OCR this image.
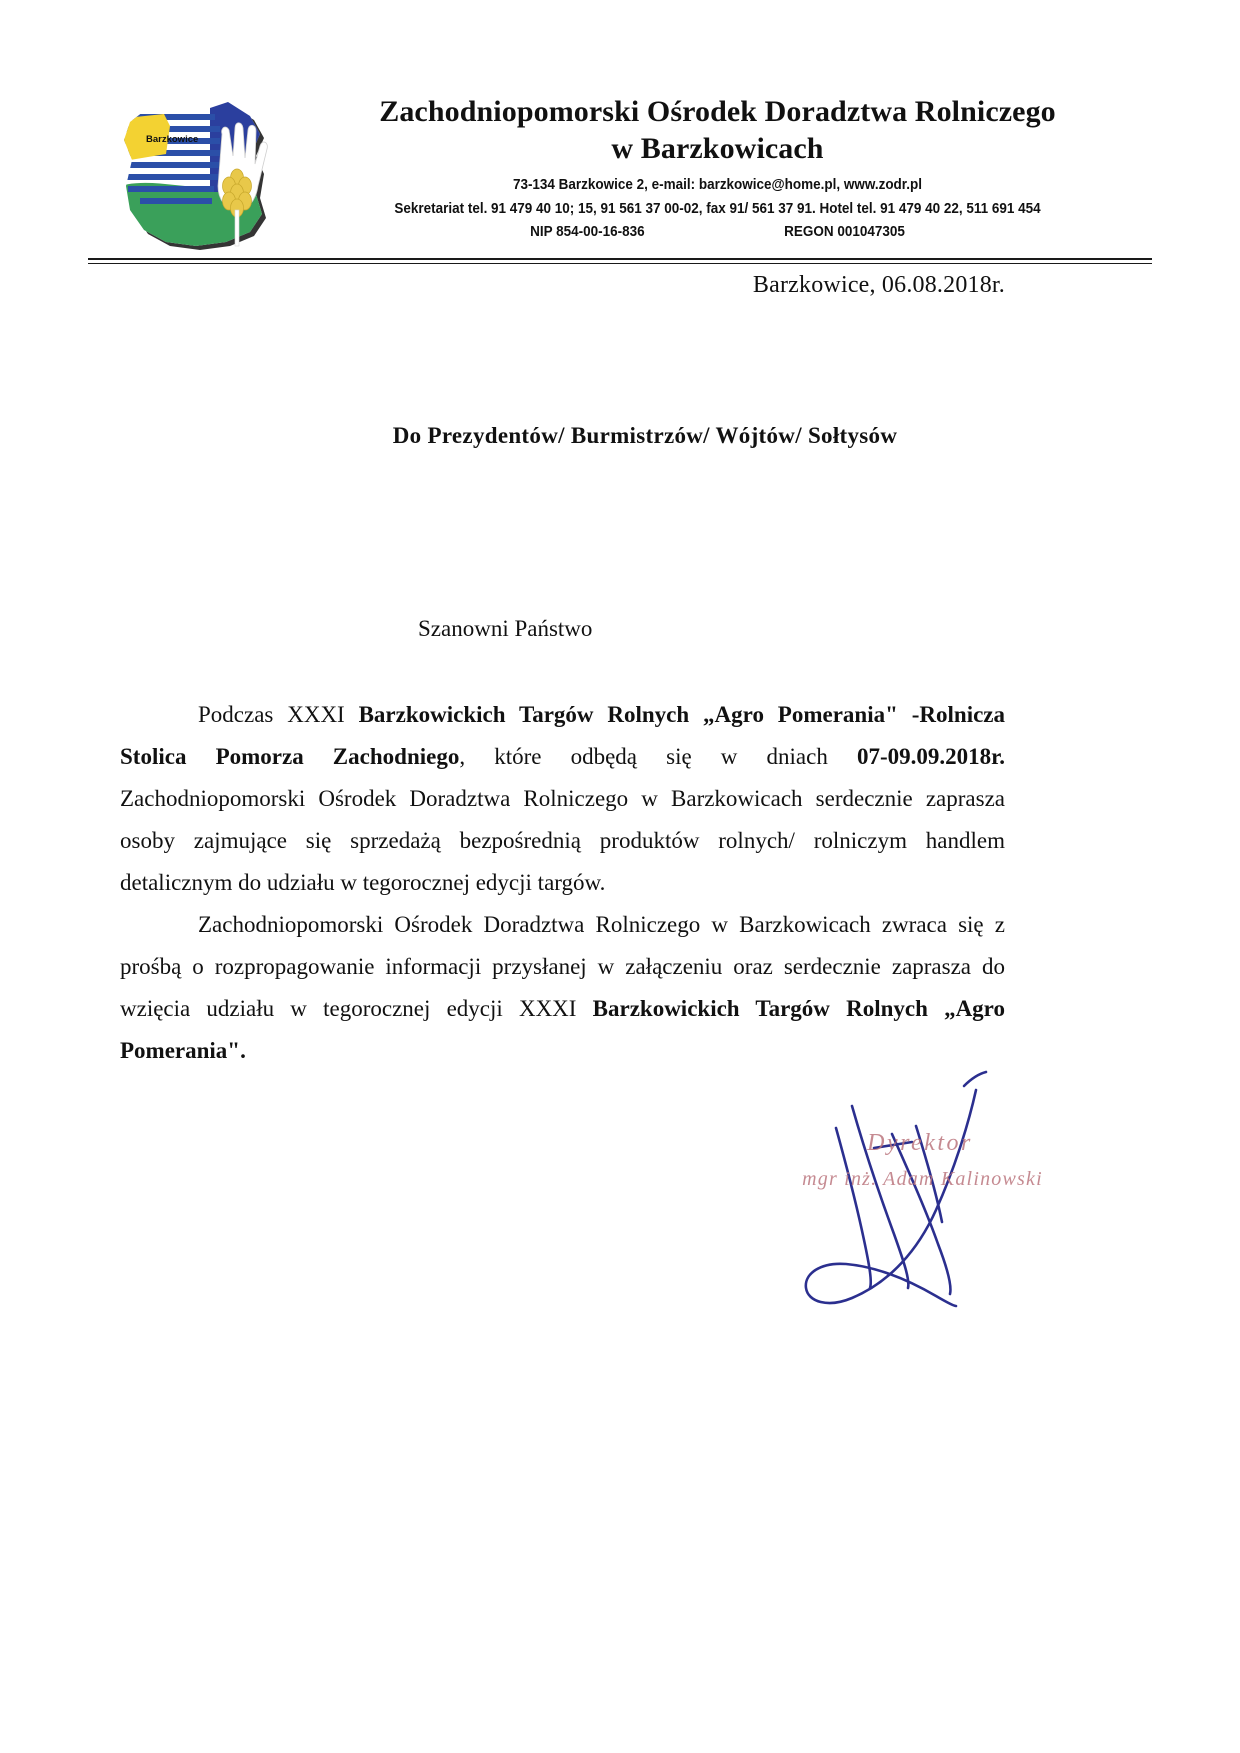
Barzkowice
Zachodniopomorski Ośrodek Doradztwa Rolniczego
w Barzkowicach
73-134 Barzkowice 2, e-mail: barzkowice@home.pl, www.zodr.pl
Sekretariat tel. 91 479 40 10; 15, 91 561 37 00-02, fax 91/ 561 37 91. Hotel tel. 91 479 40 22, 511 691 454
NIP 854-00-16-836	REGON 001047305
Barzkowice, 06.08.2018r.
Do Prezydentów/ Burmistrzów/ Wójtów/ Sołtysów
Szanowni Państwo

Podczas XXXI Barzkowickich Targów Rolnych „Agro Pomerania" -Rolnicza Stolica Pomorza Zachodniego, które odbędą się w dniach 07-09.09.2018r. Zachodniopomorski Ośrodek Doradztwa Rolniczego w Barzkowicach serdecznie zaprasza osoby zajmujące się sprzedażą bezpośrednią produktów rolnych/ rolniczym handlem detalicznym do udziału w tegorocznej edycji targów.

Zachodniopomorski Ośrodek Doradztwa Rolniczego w Barzkowicach zwraca się z prośbą o rozpropagowanie informacji przysłanej w załączeniu oraz serdecznie zaprasza do wzięcia udziału w tegorocznej edycji XXXI Barzkowickich Targów Rolnych „Agro Pomerania".

Dyrektor
mgr inż. Adam Kalinowski
